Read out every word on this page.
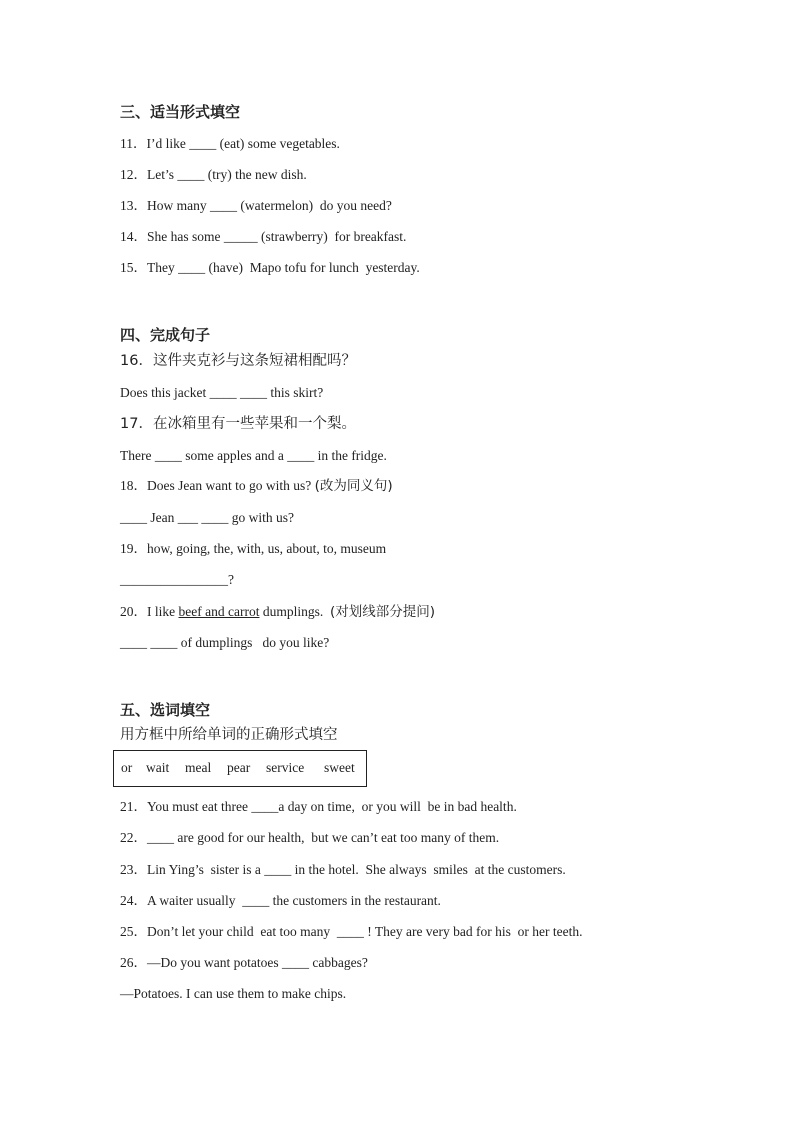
三、适当形式填空
11．I’d like ____ (eat) some vegetables.
12．Let’s ____ (try) the new dish.
13．How many ____ (watermelon)  do you need?
14．She has some _____ (strawberry)  for breakfast.
15．They ____ (have)  Mapo tofu for lunch  yesterday.
四、完成句子
16．这件夹克衫与这条短裙相配吗？
Does this jacket ____ ____ this skirt?
17．在冰箱里有一些苹果和一个梨。
There ____ some apples and a ____ in the fridge.
18．Does Jean want to go with us? (改为同义句)
____ Jean ___ ____ go with us?
19．how, going, the, with, us, about, to, museum
________________?
20．I like beef and carrot dumplings.  (对划线部分提问)
____ ____ of dumplings   do you like?
五、选词填空
用方框中所给单词的正确形式填空
or wait meal pear service sweet
21．You must eat three ____a day on time,  or you will  be in bad health.
22．____ are good for our health,  but we can’t eat too many of them.
23．Lin Ying’s  sister is a ____ in the hotel.  She always  smiles  at the customers.
24．A waiter usually  ____ the customers in the restaurant.
25．Don’t let your child  eat too many  ____ ! They are very bad for his  or her teeth.
26．—Do you want potatoes ____ cabbages?
—Potatoes. I can use them to make chips.
